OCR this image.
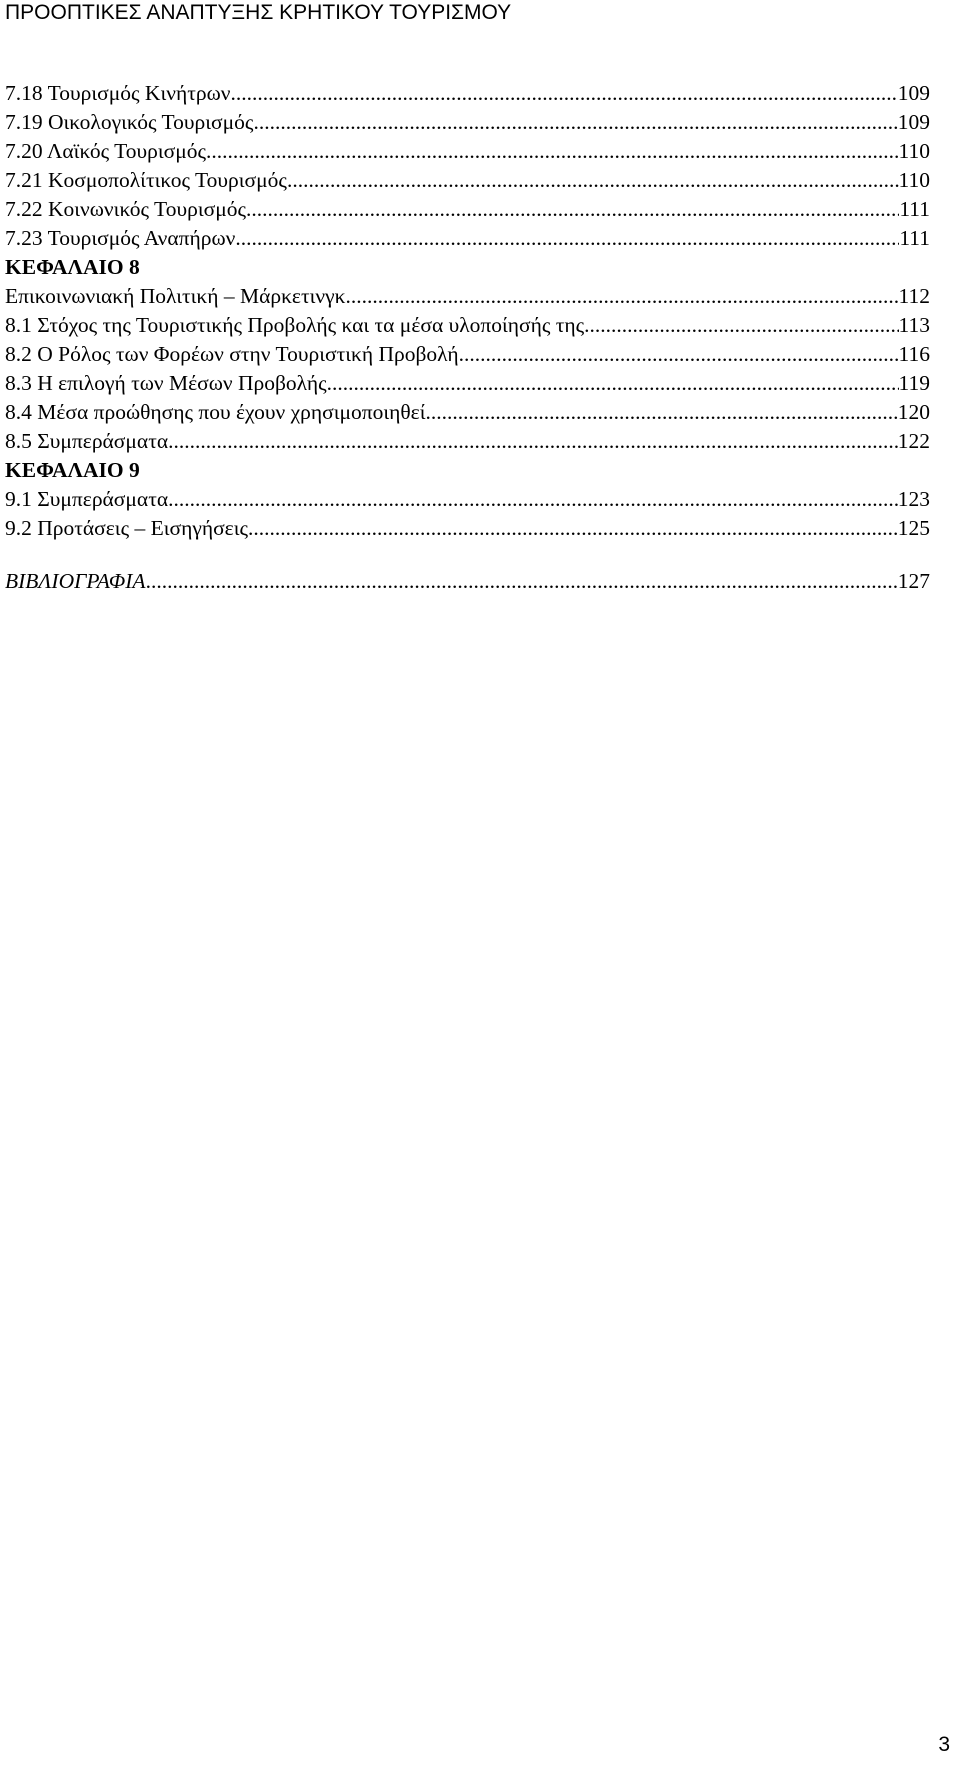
ΠΡΟΟΠΤΙΚΕΣ ΑΝΑΠΤΥΞΗΣ ΚΡΗΤΙΚΟΥ ΤΟΥΡΙΣΜΟΥ
7.18 Τουρισμός Κινήτρων .....	109
7.19 Οικολογικός Τουρισμός .....	109
7.20 Λαϊκός Τουρισμός .....	110
7.21 Κοσμοπολίτικος Τουρισμός .....	110
7.22 Κοινωνικός Τουρισμός .....	111
7.23 Τουρισμός Αναπήρων .....	111
ΚΕΦΑΛΑΙΟ 8
Επικοινωνιακή Πολιτική – Μάρκετινγκ .....	112
8.1 Στόχος της Τουριστικής Προβολής και τα μέσα υλοποίησής της .....	113
8.2 Ο Ρόλος των Φορέων στην Τουριστική Προβολή .....	116
8.3 Η επιλογή των Μέσων Προβολής .....	119
8.4 Μέσα προώθησης που έχουν χρησιμοποιηθεί .....	120
8.5 Συμπεράσματα .....	122
ΚΕΦΑΛΑΙΟ 9
9.1 Συμπεράσματα .....	123
9.2 Προτάσεις – Εισηγήσεις .....	125
ΒΙΒΛΙΟΓΡΑΦΙΑ .....	127
3
